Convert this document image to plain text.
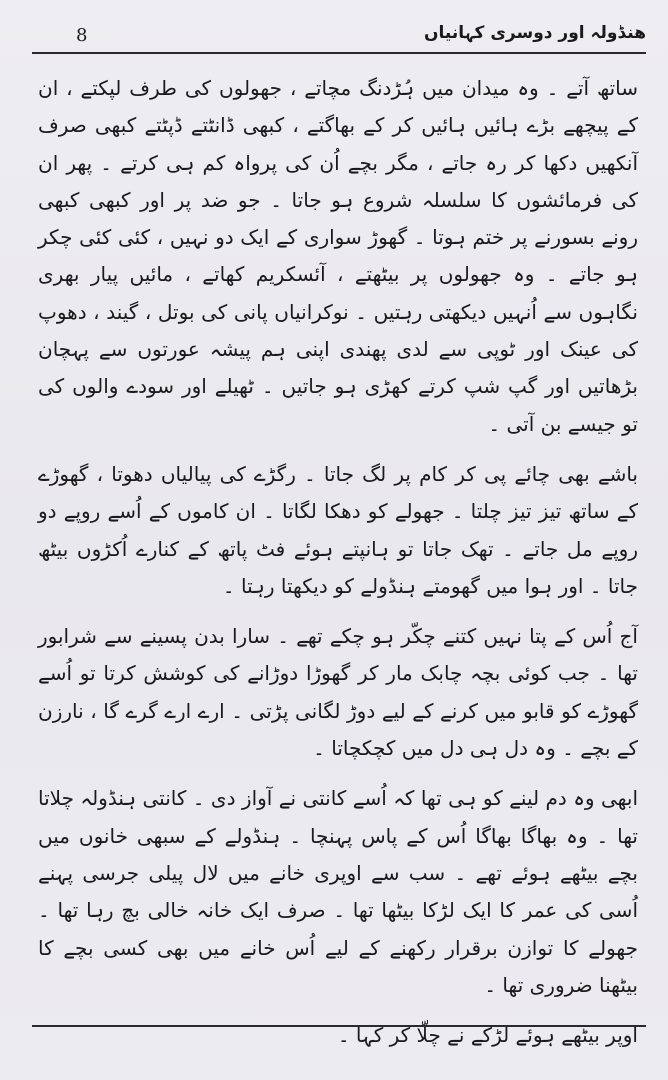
8	ھنڈولہ اور دوسری کہانیاں

ساتھ آتے ۔ وہ میدان میں ہُڑدنگ مچاتے ، جھولوں کی طرف لپکتے ، ان کے پیچھے بڑے ہائیں ہائیں کر کے بھاگتے ، کبھی ڈانٹتے ڈپٹتے کبھی صرف آنکھیں دکھا کر رہ جاتے ، مگر بچے اُن کی پرواہ کم ہی کرتے ۔ پھر ان کی فرمائشوں کا سلسلہ شروع ہو جاتا ۔ جو ضد پر اور کبھی کبھی رونے بسورنے پر ختم ہوتا ۔ گھوڑ سواری کے ایک دو نہیں ، کئی کئی چکر ہو جاتے ۔ وہ جھولوں پر بیٹھتے ، آئسکریم کھاتے ، مائیں پیار بھری نگاہوں سے اُنہیں دیکھتی رہتیں ۔ نوکرانیاں پانی کی بوتل ، گیند ، دھوپ کی عینک اور ٹوپی سے لدی پھندی اپنی ہم پیشہ عورتوں سے پہچان بڑھاتیں اور گپ شپ کرتے کھڑی ہو جاتیں ۔ ٹھیلے اور سودے والوں کی تو جیسے بن آتی ۔

باشے بھی چائے پی کر کام پر لگ جاتا ۔ رگڑے کی پیالیاں دھوتا ، گھوڑے کے ساتھ تیز تیز چلتا ۔ جھولے کو دھکا لگاتا ۔ ان کاموں کے اُسے روپے دو روپے مل جاتے ۔ تھک جاتا تو ہانپتے ہوئے فٹ پاتھ کے کنارے اُکڑوں بیٹھ جاتا ۔ اور ہوا میں گھومتے ہنڈولے کو دیکھتا رہتا ۔

آج اُس کے پتا نہیں کتنے چکّر ہو چکے تھے ۔ سارا بدن پسینے سے شرابور تھا ۔ جب کوئی بچہ چابک مار کر گھوڑا دوڑانے کی کوشش کرتا تو اُسے گھوڑے کو قابو میں کرنے کے لیے دوڑ لگانی پڑتی ۔ ارے ارے گرے گا ، نارزن کے بچے ۔ وہ دل ہی دل میں کچکچاتا ۔

ابھی وہ دم لینے کو ہی تھا کہ اُسے کانتی نے آواز دی ۔ کانتی ہنڈولہ چلاتا تھا ۔ وہ بھاگا بھاگا اُس کے پاس پہنچا ۔ ہنڈولے کے سبھی خانوں میں بچے بیٹھے ہوئے تھے ۔ سب سے اوپری خانے میں لال پیلی جرسی پہنے اُسی کی عمر کا ایک لڑکا بیٹھا تھا ۔ صرف ایک خانہ خالی بچ رہا تھا ۔ جھولے کا توازن برقرار رکھنے کے لیے اُس خانے میں بھی کسی بچے کا بیٹھنا ضروری تھا ۔

اوپر بیٹھے ہوئے لڑکے نے چلّا کر کہا ۔
